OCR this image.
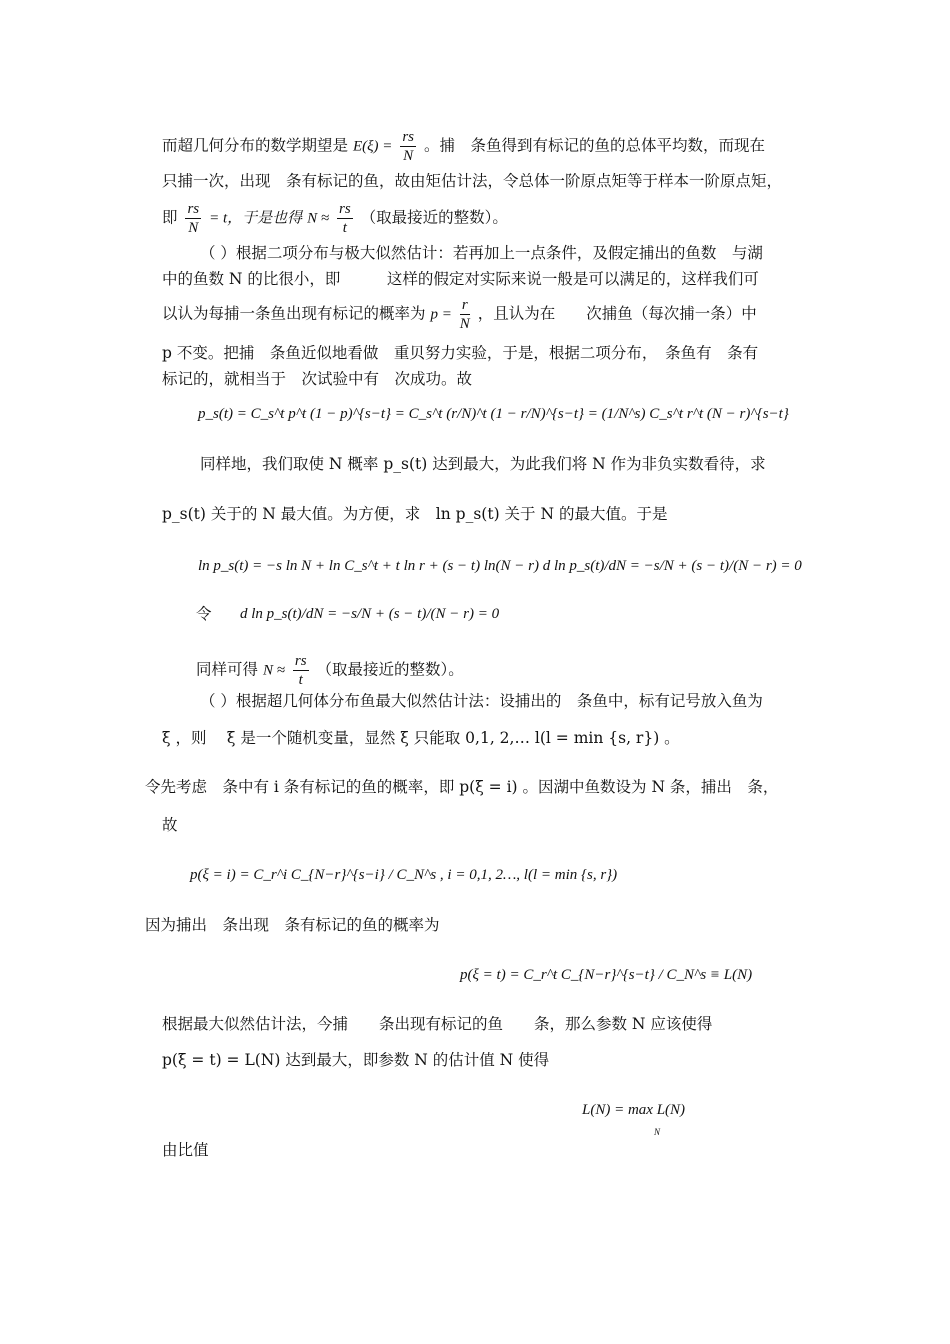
而超几何分布的数学期望是 $E(\xi) = \frac{rs}{N}$ 。捕　条鱼得到有标记的鱼的总体平均数，而现在
只捕一次，出现　条有标记的鱼，故由矩估计法，令总体一阶原点矩等于样本一阶原点矩，
即 $\frac{rs}{N} = t$，于是也得 $N \approx \frac{rs}{t}$ （取最接近的整数）。
（ ）根据二项分布与极大似然估计：若再加上一点条件，及假定捕出的鱼数　与湖
中的鱼数 N 的比很小，即　　　这样的假定对实际来说一般是可以满足的，这样我们可
以认为每捕一条鱼出现有标记的概率为 $p = \frac{r}{N}$ ，且认为在　　次捕鱼（每次捕一条）中
p 不变。把捕　条鱼近似地看做　重贝努力实验，于是，根据二项分布，　条鱼有　条有
标记的，就相当于　次试验中有　次成功。故
p_s(t) = C_s^t p^t (1 − p)^{s−t} = C_s^t (r/N)^t (1 − r/N)^{s−t} = (1/N^s) C_s^t r^t (N − r)^{s−t}
同样地，我们取使 N 概率 p_s(t) 达到最大，为此我们将 N 作为非负实数看待，求
p_s(t) 关于的 N 最大值。为方便，求　ln p_s(t) 关于 N 的最大值。于是
ln p_s(t) = −s ln N + ln C_s^t + t ln r + (s − t) ln(N − r) d ln p_s(t)/dN = −s/N + (s − t)/(N − r) = 0
令 d ln p_s(t)/dN = −s/N + (s − t)/(N − r) = 0
同样可得 $N \approx \frac{rs}{t}$ （取最接近的整数）。
（ ）根据超几何体分布鱼最大似然估计法：设捕出的　条鱼中，标有记号放入鱼为
ξ ，则　 ξ 是一个随机变量，显然 ξ 只能取 0,1, 2,… l(l = min {s, r}) 。
令先考虑　条中有 i 条有标记的鱼的概率，即 p(ξ = i) 。因湖中鱼数设为 N 条，捕出　条，
故
p(ξ = i) = C_r^i C_{N−r}^{s−i} / C_N^s , i = 0,1, 2…, l(l = min {s, r})
因为捕出　条出现　条有标记的鱼的概率为
p(ξ = t) = C_r^t C_{N−r}^{s−t} / C_N^s ≡ L(N)
根据最大似然估计法，今捕　　条出现有标记的鱼　　条，那么参数 N 应该使得
p(ξ = t) = L(N) 达到最大，即参数 N 的估计值 N 使得
L(N) = max L(N)
N
由比值
